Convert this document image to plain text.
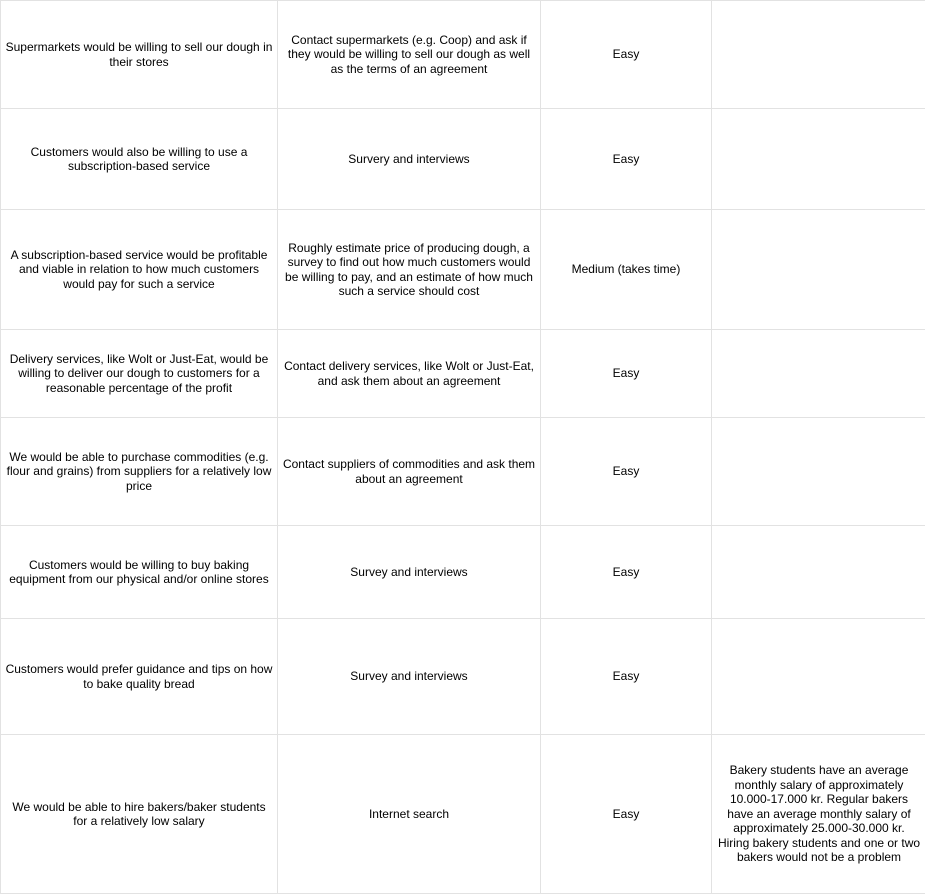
Supermarkets would be willing to sell our dough in their stores	Contact supermarkets (e.g. Coop) and ask if they would be willing to sell our dough as well as the terms of an agreement	Easy	
Customers would also be willing to use a subscription-based service	Survery and interviews	Easy	
A subscription-based service would be profitable and viable in relation to how much customers would pay for such a service	Roughly estimate price of producing dough, a survey to find out how much customers would be willing to pay, and an estimate of how much such a service should cost	Medium (takes time)	
Delivery services, like Wolt or Just-Eat, would be willing to deliver our dough to customers for a reasonable percentage of the profit	Contact delivery services, like Wolt or Just-Eat, and ask them about an agreement	Easy	
We would be able to purchase commodities (e.g. flour and grains) from suppliers for a relatively low price	Contact suppliers of commodities and ask them about an agreement	Easy	
Customers would be willing to buy baking equipment from our physical and/or online stores	Survey and interviews	Easy	
Customers would prefer guidance and tips on how to bake quality bread	Survey and interviews	Easy	
We would be able to hire bakers/baker students for a relatively low salary	Internet search	Easy	Bakery students have an average monthly salary of approximately 10.000-17.000 kr. Regular bakers have an average monthly salary of approximately 25.000-30.000 kr. Hiring bakery students and one or two bakers would not be a problem
